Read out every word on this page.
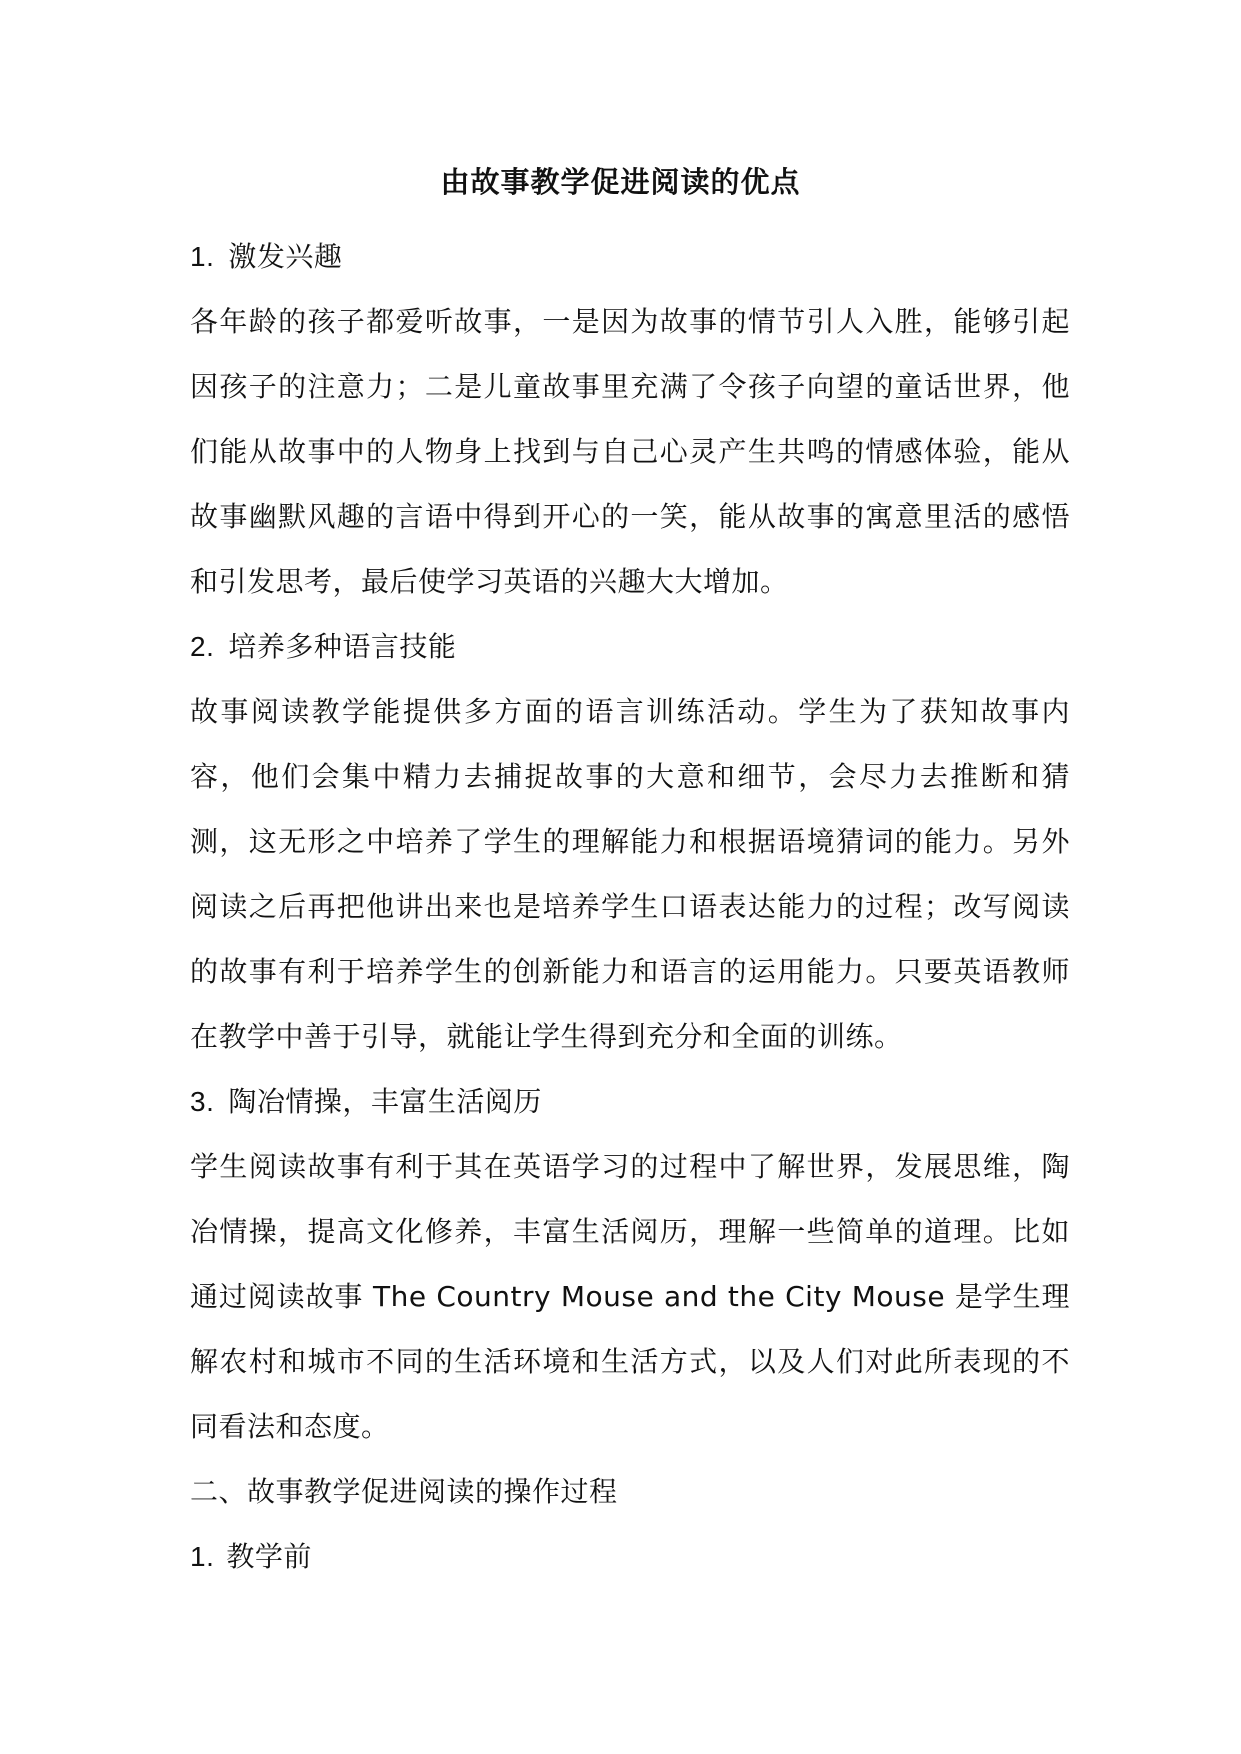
由故事教学促进阅读的优点

1. 激发兴趣

各年龄的孩子都爱听故事，一是因为故事的情节引人入胜，能够引起因孩子的注意力；二是儿童故事里充满了令孩子向望的童话世界，他们能从故事中的人物身上找到与自己心灵产生共鸣的情感体验，能从故事幽默风趣的言语中得到开心的一笑，能从故事的寓意里活的感悟和引发思考，最后使学习英语的兴趣大大增加。

2. 培养多种语言技能

故事阅读教学能提供多方面的语言训练活动。学生为了获知故事内容，他们会集中精力去捕捉故事的大意和细节，会尽力去推断和猜测，这无形之中培养了学生的理解能力和根据语境猜词的能力。另外阅读之后再把他讲出来也是培养学生口语表达能力的过程；改写阅读的故事有利于培养学生的创新能力和语言的运用能力。只要英语教师在教学中善于引导，就能让学生得到充分和全面的训练。

3. 陶冶情操，丰富生活阅历

学生阅读故事有利于其在英语学习的过程中了解世界，发展思维，陶冶情操，提高文化修养，丰富生活阅历，理解一些简单的道理。比如通过阅读故事 The Country Mouse and the City Mouse 是学生理解农村和城市不同的生活环境和生活方式，以及人们对此所表现的不同看法和态度。

二、故事教学促进阅读的操作过程

1. 教学前
